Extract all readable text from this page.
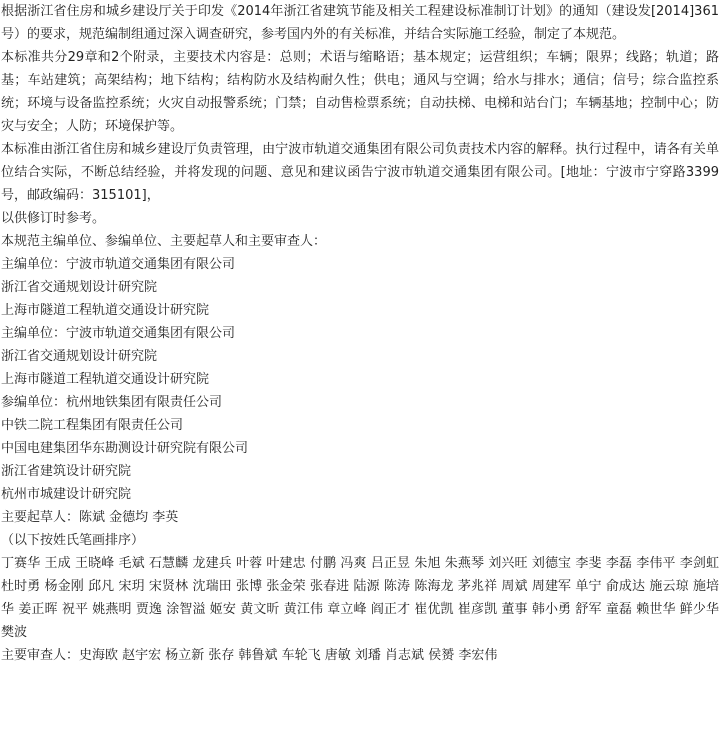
根据浙江省住房和城乡建设厅关于印发《2014年浙江省建筑节能及相关工程建设标准制订计划》的通知（建设发[2014]361号）的要求，规范编制组通过深入调查研究，参考国内外的有关标准，并结合实际施工经验，制定了本规范。

本标准共分29章和2个附录，主要技术内容是：总则；术语与缩略语；基本规定；运营组织；车辆；限界；线路；轨道；路基；车站建筑；高架结构；地下结构；结构防水及结构耐久性；供电；通风与空调；给水与排水；通信；信号；综合监控系统；环境与设备监控系统；火灾自动报警系统；门禁；自动售检票系统；自动扶梯、电梯和站台门；车辆基地；控制中心；防灾与安全；人防；环境保护等。

本标准由浙江省住房和城乡建设厅负责管理，由宁波市轨道交通集团有限公司负责技术内容的解释。执行过程中，请各有关单位结合实际，不断总结经验，并将发现的问题、意见和建议函告宁波市轨道交通集团有限公司。[地址：宁波市宁穿路3399号，邮政编码：315101]，

以供修订时参考。

本规范主编单位、参编单位、主要起草人和主要审查人：

主编单位：宁波市轨道交通集团有限公司

浙江省交通规划设计研究院

上海市隧道工程轨道交通设计研究院

主编单位：宁波市轨道交通集团有限公司

浙江省交通规划设计研究院

上海市隧道工程轨道交通设计研究院

参编单位：杭州地铁集团有限责任公司

中铁二院工程集团有限责任公司

中国电建集团华东勘测设计研究院有限公司

浙江省建筑设计研究院

杭州市城建设计研究院

主要起草人：陈斌 金德均 李英

（以下按姓氏笔画排序）

丁赛华 王成 王晓峰 毛斌 石慧麟 龙建兵 叶蓉 叶建忠 付鹏 冯爽 吕正昱 朱旭 朱燕琴 刘兴旺 刘德宝 李斐 李磊 李伟平 李剑虹 杜时勇 杨金刚 邱凡 宋玥 宋贤林 沈瑞田 张博 张金荣 张春进 陆源 陈涛 陈海龙 茅兆祥 周斌 周建军 单宁 俞成达 施云琼 施培华 姜正晖 祝平 姚燕明 贾逸 涂智溢 姬安 黄文昕 黄江伟 章立峰 阎正才 崔优凯 崔彦凯 董事 韩小勇 舒军 童磊 赖世华 鲜少华 樊波

主要审查人：史海欧 赵宇宏 杨立新 张存 韩鲁斌 车轮飞 唐敏 刘璠 肖志斌 侯赟 李宏伟
